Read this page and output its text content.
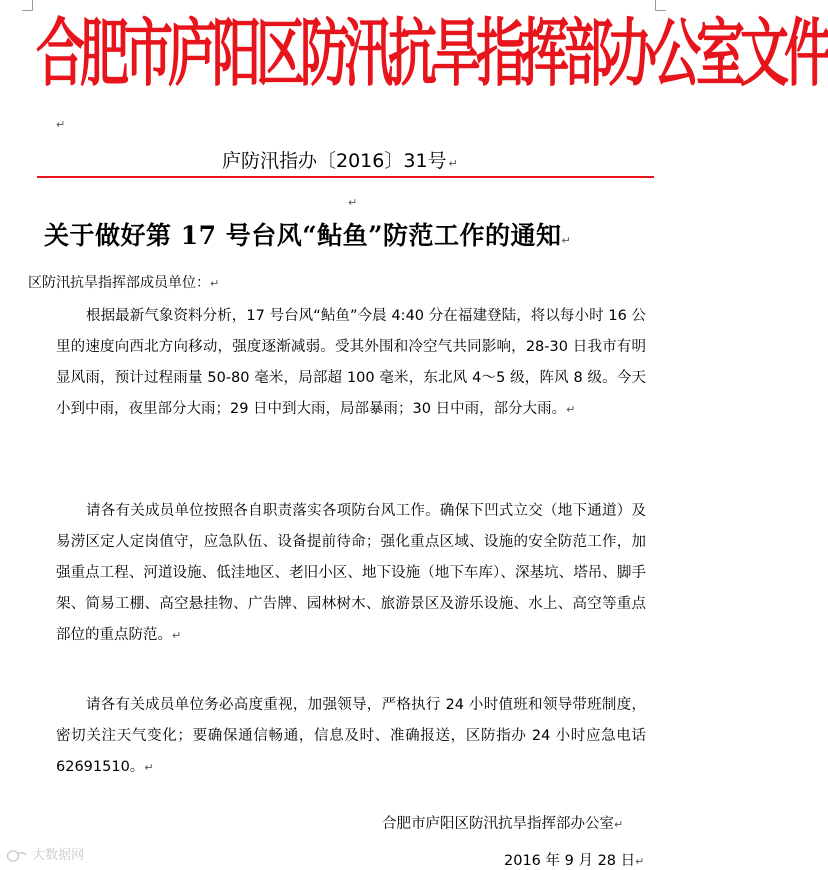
合肥市庐阳区防汛抗旱指挥部办公室文件
↵
庐防汛指办〔2016〕31号 ↵
↵
关于做好第 17 号台风“鲇鱼”防范工作的通知↵
区防汛抗旱指挥部成员单位：↵
根据最新气象资料分析，17 号台风“鲇鱼”今晨 4:40 分在福建登陆，将以每小时 16 公里的速度向西北方向移动，强度逐渐减弱。受其外围和冷空气共同影响，28-30 日我市有明显风雨，预计过程雨量 50-80 毫米，局部超 100 毫米，东北风 4～5 级，阵风 8 级。今天小到中雨，夜里部分大雨；29 日中到大雨，局部暴雨；30 日中雨，部分大雨。↵
请各有关成员单位按照各自职责落实各项防台风工作。确保下凹式立交（地下通道）及易涝区定人定岗值守，应急队伍、设备提前待命；强化重点区域、设施的安全防范工作，加强重点工程、河道设施、低洼地区、老旧小区、地下设施（地下车库）、深基坑、塔吊、脚手架、简易工棚、高空悬挂物、广告牌、园林树木、旅游景区及游乐设施、水上、高空等重点部位的重点防范。↵
请各有关成员单位务必高度重视，加强领导，严格执行 24 小时值班和领导带班制度，密切关注天气变化；要确保通信畅通，信息及时、准确报送，区防指办 24 小时应急电话 62691510。↵
合肥市庐阳区防汛抗旱指挥部办公室↵
2016 年 9 月 28 日↵
大数据网
